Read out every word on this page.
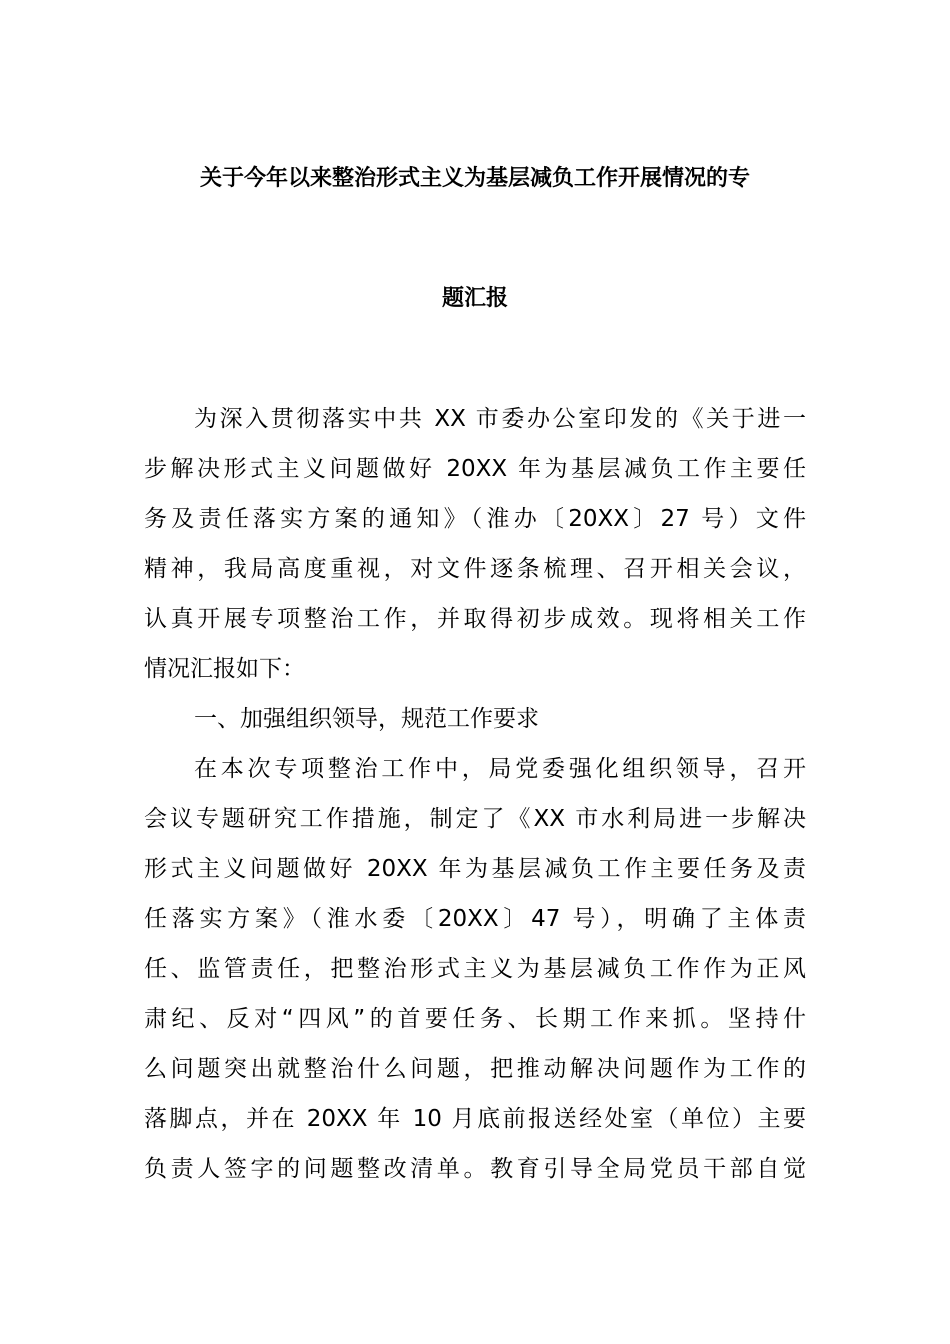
关于今年以来整治形式主义为基层减负工作开展情况的专
题汇报
为深入贯彻落实中共 XX 市委办公室印发的《关于进一
步解决形式主义问题做好 20XX 年为基层减负工作主要任
务及责任落实方案的通知》（淮办〔20XX〕27 号）文件
精神，我局高度重视，对文件逐条梳理、召开相关会议，
认真开展专项整治工作，并取得初步成效。现将相关工作
情况汇报如下：
一、加强组织领导，规范工作要求
在本次专项整治工作中，局党委强化组织领导，召开
会议专题研究工作措施，制定了《XX 市水利局进一步解决
形式主义问题做好 20XX 年为基层减负工作主要任务及责
任落实方案》（淮水委〔20XX〕47 号），明确了主体责
任、监管责任，把整治形式主义为基层减负工作作为正风
肃纪、反对“四风”的首要任务、长期工作来抓。坚持什
么问题突出就整治什么问题，把推动解决问题作为工作的
落脚点，并在 20XX 年 10 月底前报送经处室（单位）主要
负责人签字的问题整改清单。教育引导全局党员干部自觉
